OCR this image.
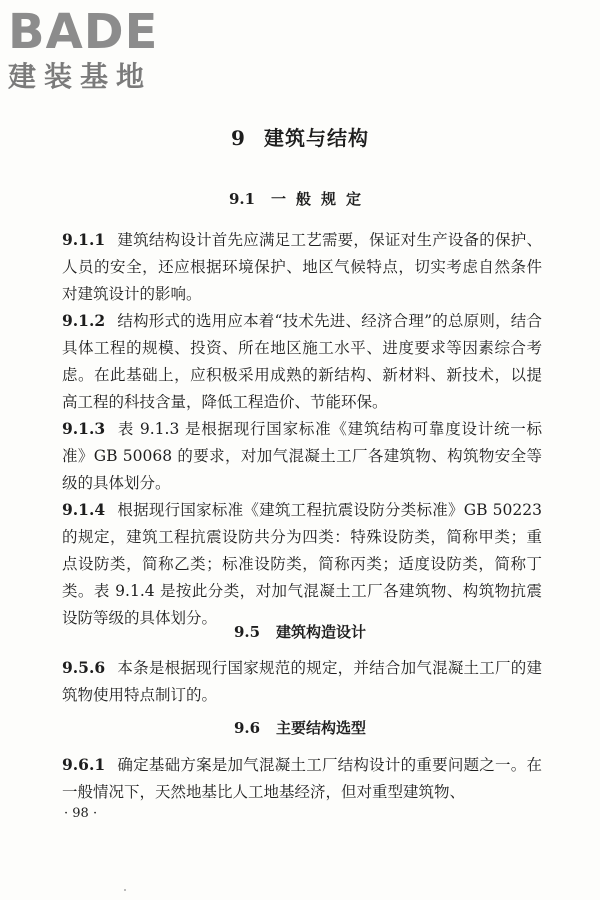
BADE
建装基地
9 建筑与结构
9.1 一般规定
9.1.1 建筑结构设计首先应满足工艺需要，保证对生产设备的保护、人员的安全，还应根据环境保护、地区气候特点，切实考虑自然条件对建筑设计的影响。
9.1.2 结构形式的选用应本着“技术先进、经济合理”的总原则，结合具体工程的规模、投资、所在地区施工水平、进度要求等因素综合考虑。在此基础上，应积极采用成熟的新结构、新材料、新技术，以提高工程的科技含量，降低工程造价、节能环保。
9.1.3 表 9.1.3 是根据现行国家标准《建筑结构可靠度设计统一标准》GB 50068 的要求，对加气混凝土工厂各建筑物、构筑物安全等级的具体划分。
9.1.4 根据现行国家标准《建筑工程抗震设防分类标准》GB 50223的规定，建筑工程抗震设防共分为四类：特殊设防类，简称甲类；重点设防类，简称乙类；标准设防类，简称丙类；适度设防类，简称丁类。表 9.1.4 是按此分类，对加气混凝土工厂各建筑物、构筑物抗震设防等级的具体划分。
9.5 建筑构造设计
9.5.6 本条是根据现行国家规范的规定，并结合加气混凝土工厂的建筑物使用特点制订的。
9.6 主要结构选型
9.6.1 确定基础方案是加气混凝土工厂结构设计的重要问题之一。在一般情况下，天然地基比人工地基经济，但对重型建筑物、
· 98 ·
